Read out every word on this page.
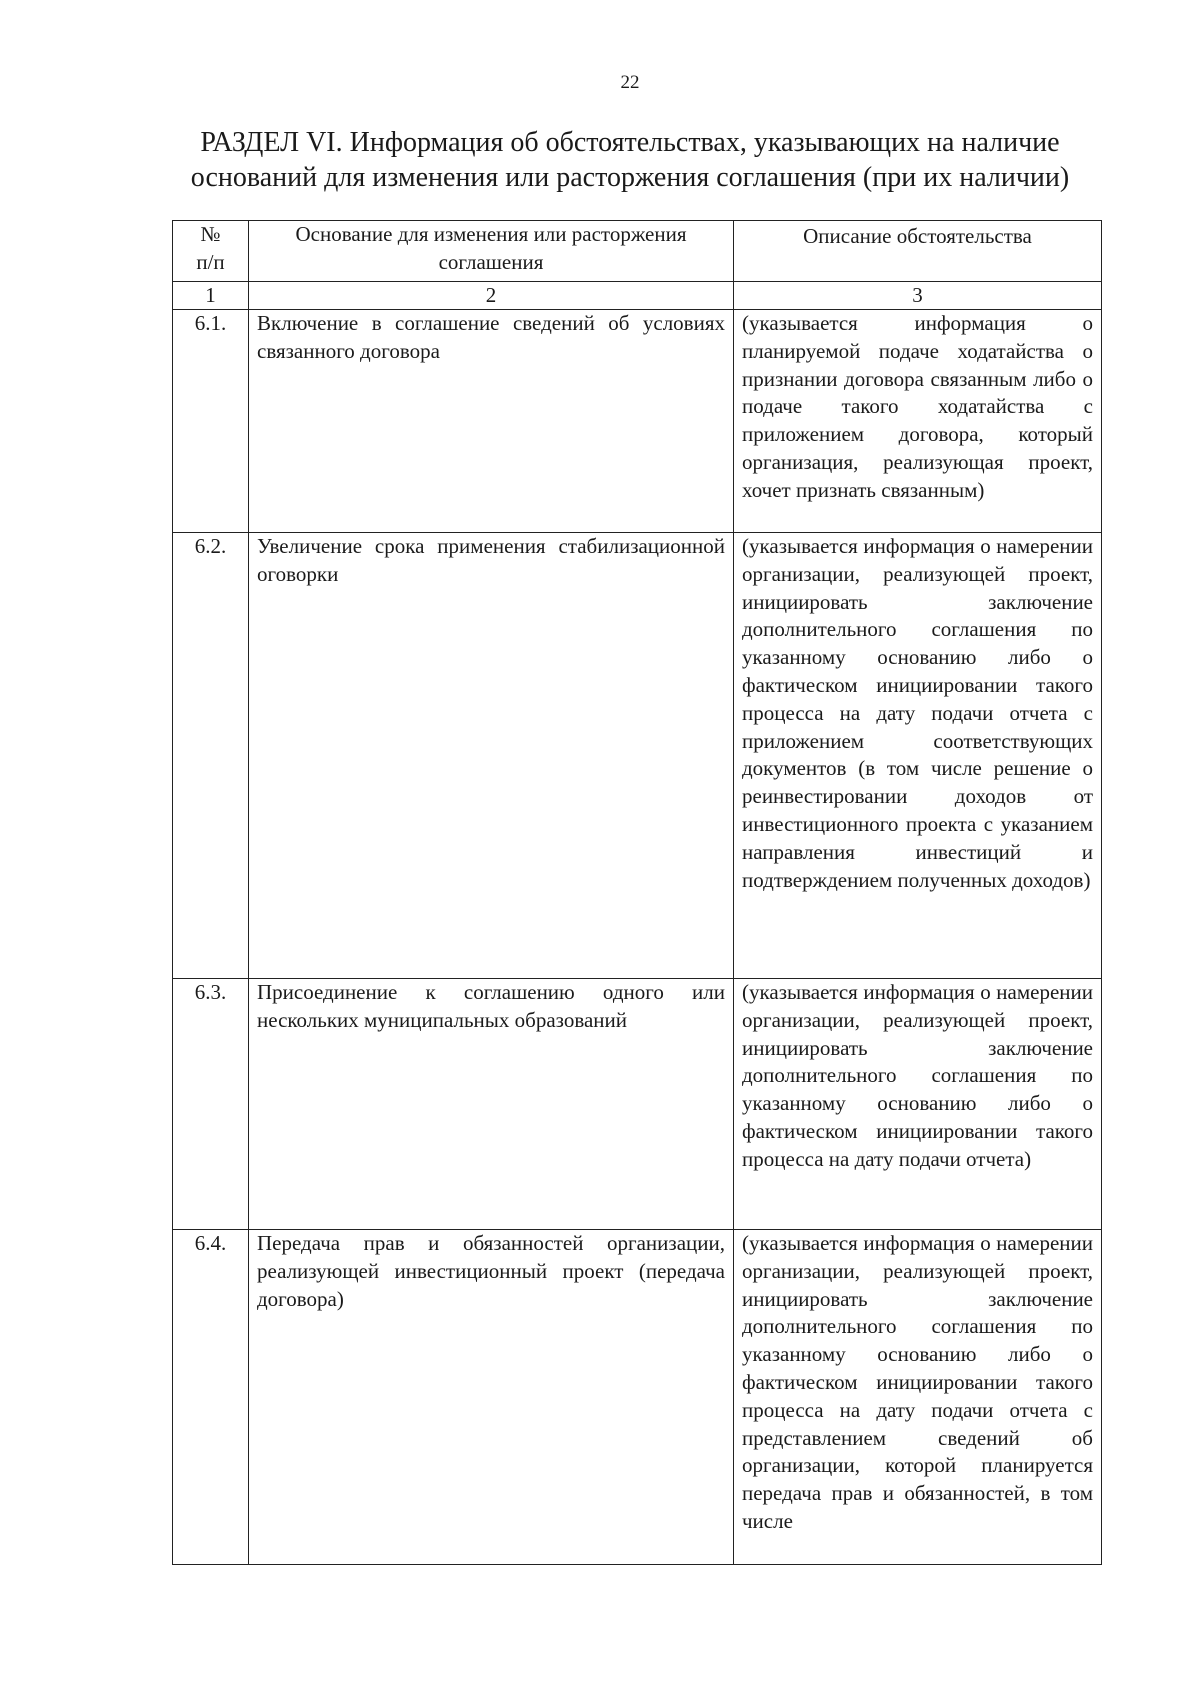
22
РАЗДЕЛ VI. Информация об обстоятельствах, указывающих на наличие
оснований для изменения или расторжения соглашения (при их наличии)
№
п/п	Основание для изменения или расторжения соглашения	Описание обстоятельства
1	2	3
6.1.	Включение в соглашение сведений об условиях связанного договора	(указывается информация о планируемой подаче ходатайства о признании договора связанным либо о подаче такого ходатайства с приложением договора, который организация, реализующая проект, хочет признать связанным)
6.2.	Увеличение срока применения стабилизационной оговорки	(указывается информация о намерении организации, реализующей проект, инициировать заключение дополнительного соглашения по указанному основанию либо о фактическом инициировании такого процесса на дату подачи отчета с приложением соответствующих документов (в том числе решение о реинвестировании доходов от инвестиционного проекта с указанием направления инвестиций и подтверждением полученных доходов)
6.3.	Присоединение к соглашению одного или нескольких муниципальных образований	(указывается информация о намерении организации, реализующей проект, инициировать заключение дополнительного соглашения по указанному основанию либо о фактическом инициировании такого процесса на дату подачи отчета)
6.4.	Передача прав и обязанностей организации, реализующей инвестиционный проект (передача договора)	(указывается информация о намерении организации, реализующей проект, инициировать заключение дополнительного соглашения по указанному основанию либо о фактическом инициировании такого процесса на дату подачи отчета с представлением сведений об организации, которой планируется передача прав и обязанностей, в том числе
